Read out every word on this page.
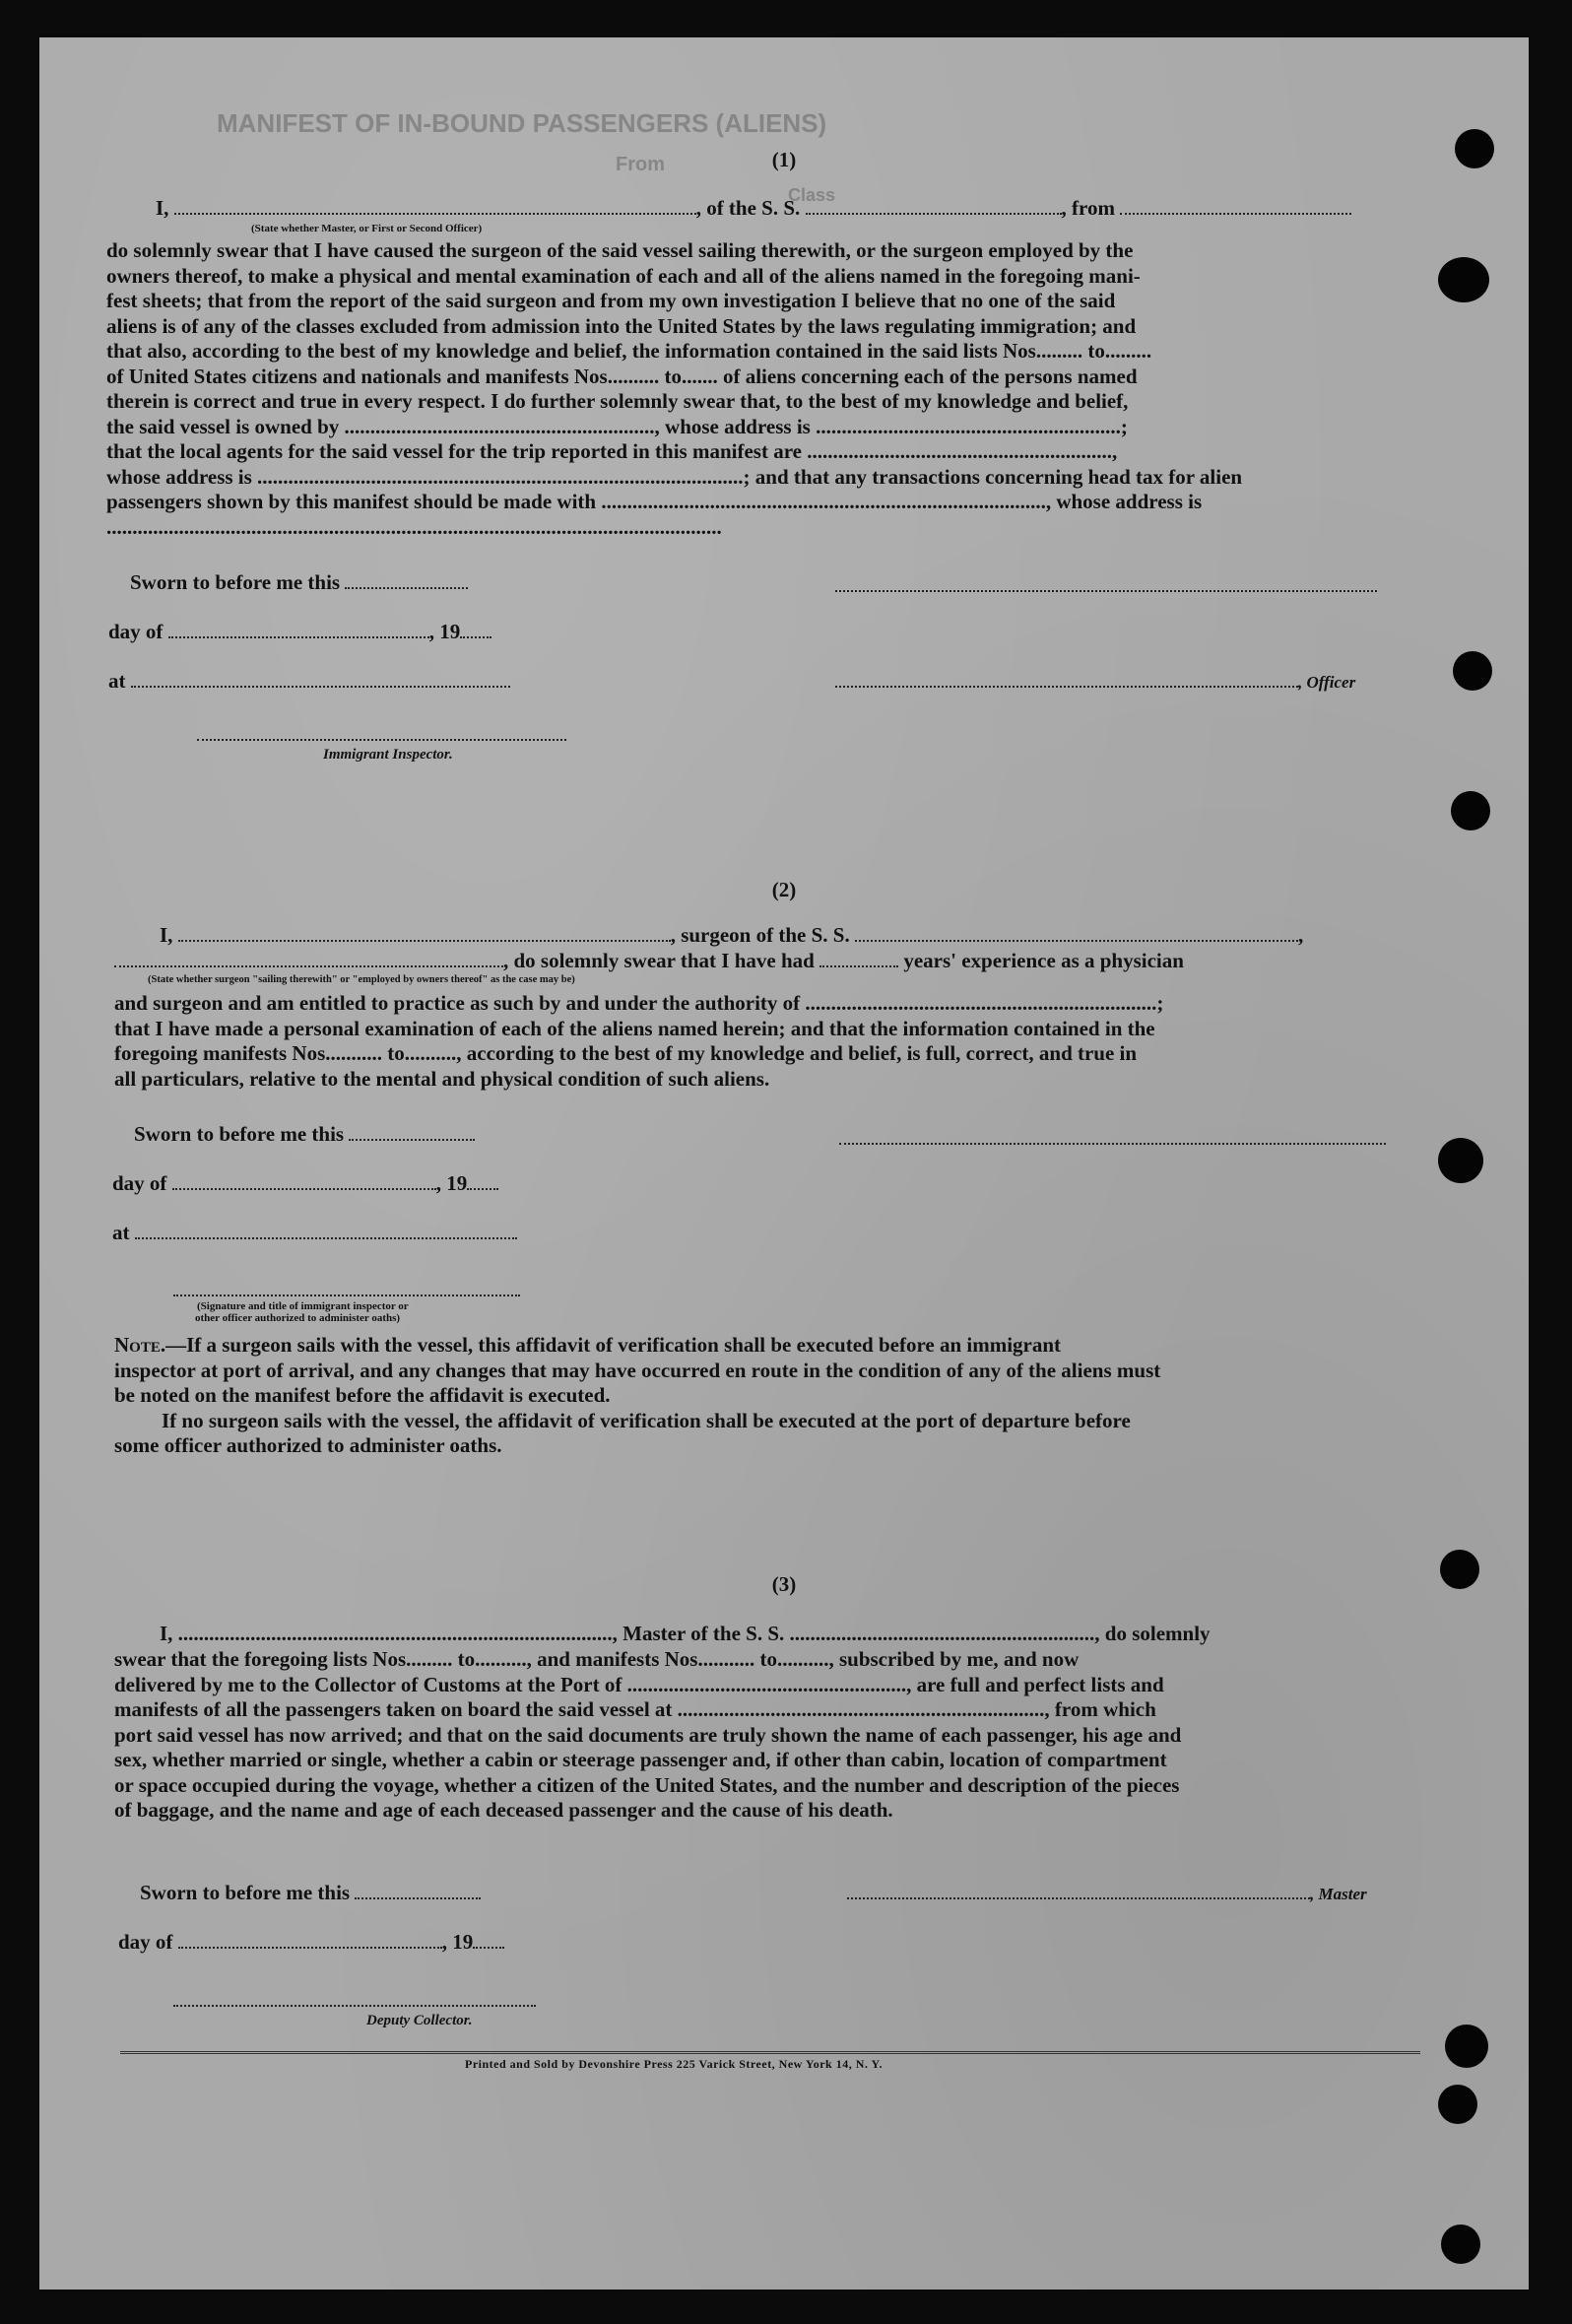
MANIFEST OF IN-BOUND PASSENGERS (ALIENS)
Class
From	(1)
I,	, of the S. S.	, from
(State whether Master, or First or Second Officer)
do solemnly swear that I have caused the surgeon of the said vessel sailing therewith, or the surgeon employed by the
owners thereof, to make a physical and mental examination of each and all of the aliens named in the foregoing mani-
fest sheets; that from the report of the said surgeon and from my own investigation I believe that no one of the said
aliens is of any of the classes excluded from admission into the United States by the laws regulating immigration; and
that also, according to the best of my knowledge and belief, the information contained in the said lists Nos......... to.........
of United States citizens and nationals and manifests Nos.......... to....... of aliens concerning each of the persons named
therein is correct and true in every respect. I do further solemnly swear that, to the best of my knowledge and belief,
the said vessel is owned by ............................................................, whose address is ...........................................................;
that the local agents for the said vessel for the trip reported in this manifest are ...........................................................,
whose address is ..............................................................................................; and that any transactions concerning head tax for alien
passengers shown by this manifest should be made with ......................................................................................, whose address is
.......................................................................................................................
Sworn to before me this
day of	, 19
at	, Officer
Immigrant Inspector.
(2)
I,	, surgeon of the S. S.	,
, do solemnly swear that I have had	years' experience as a physician
(State whether surgeon "sailing therewith" or "employed by owners thereof" as the case may be)
and surgeon and am entitled to practice as such by and under the authority of ....................................................................;
that I have made a personal examination of each of the aliens named herein; and that the information contained in the
foregoing manifests Nos........... to.........., according to the best of my knowledge and belief, is full, correct, and true in
all particulars, relative to the mental and physical condition of such aliens.
Sworn to before me this
day of	, 19
at
(Signature and title of immigrant inspector or
other officer authorized to administer oaths)
Note.—If a surgeon sails with the vessel, this affidavit of verification shall be executed before an immigrant
inspector at port of arrival, and any changes that may have occurred en route in the condition of any of the aliens must
be noted on the manifest before the affidavit is executed.
If no surgeon sails with the vessel, the affidavit of verification shall be executed at the port of departure before
some officer authorized to administer oaths.
(3)
I, ...................................................................................., Master of the S. S. ..........................................................., do solemnly
swear that the foregoing lists Nos......... to.........., and manifests Nos........... to.........., subscribed by me, and now
delivered by me to the Collector of Customs at the Port of ......................................................, are full and perfect lists and
manifests of all the passengers taken on board the said vessel at ......................................................................., from which
port said vessel has now arrived; and that on the said documents are truly shown the name of each passenger, his age and
sex, whether married or single, whether a cabin or steerage passenger and, if other than cabin, location of compartment
or space occupied during the voyage, whether a citizen of the United States, and the number and description of the pieces
of baggage, and the name and age of each deceased passenger and the cause of his death.
Sworn to before me this	, Master
day of	, 19
Deputy Collector.
Printed and Sold by Devonshire Press 225 Varick Street, New York 14, N. Y.
